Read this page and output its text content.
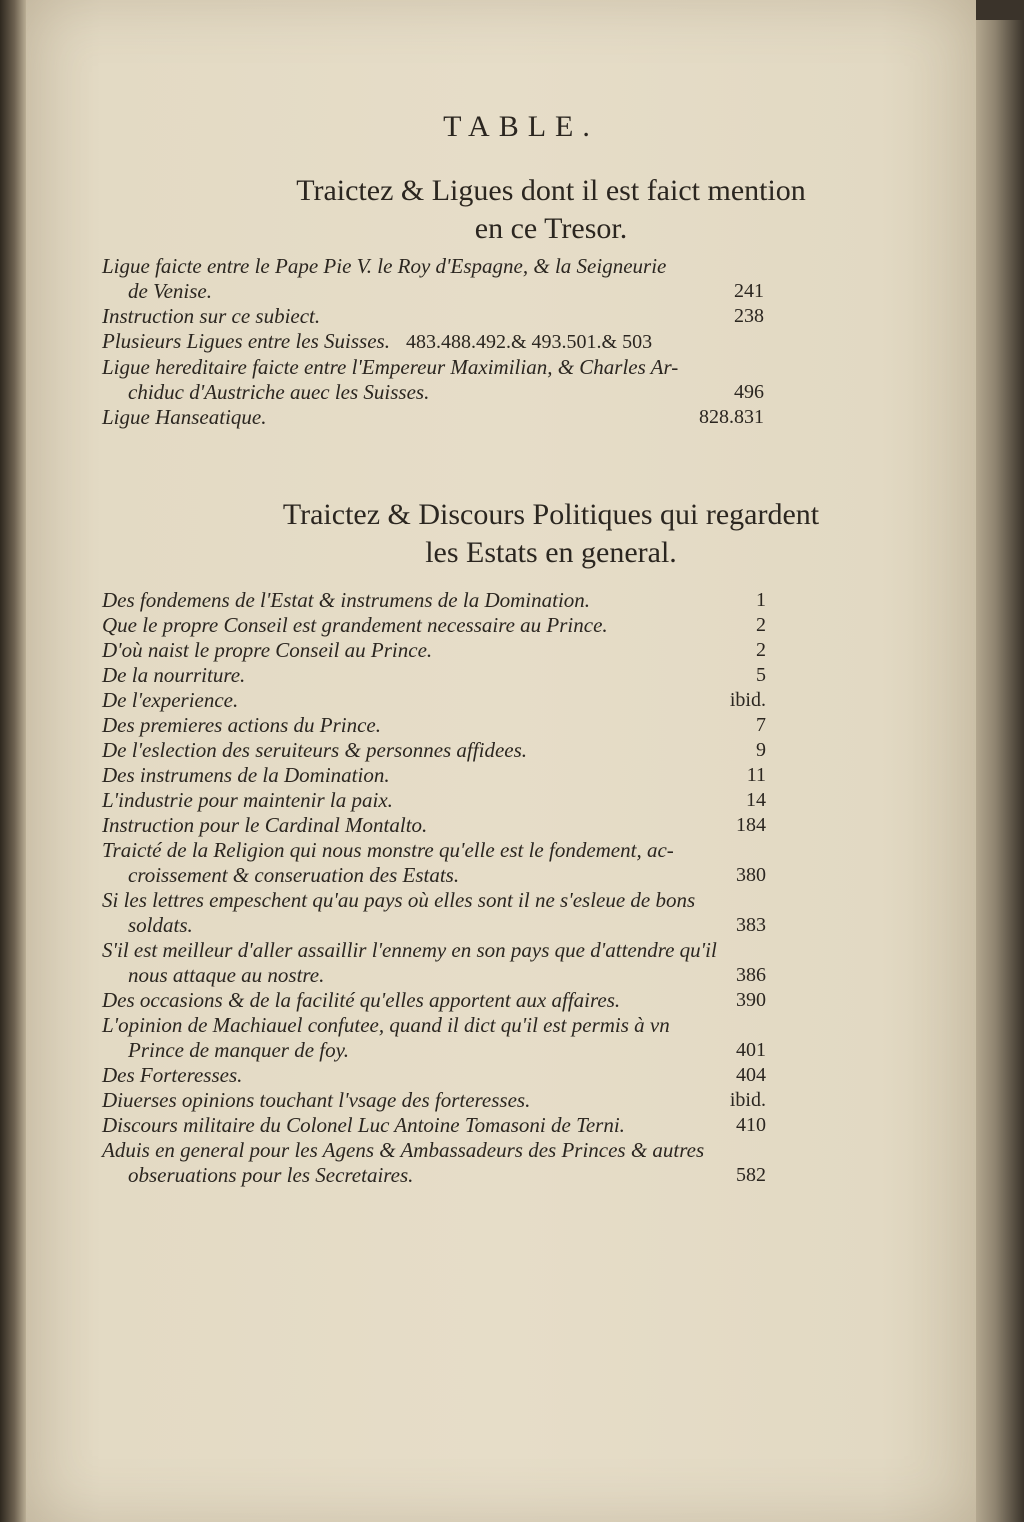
TABLE.
Traictez & Ligues dont il est faict mention
en ce Tresor.
Ligue faicte entre le Pape Pie V. le Roy d'Espagne, & la Seigneurie
de Venise.	241
Instruction sur ce subiect.	238
Plusieurs Ligues entre les Suisses. 483.488.492.& 493.501.& 503
Ligue hereditaire faicte entre l'Empereur Maximilian, & Charles Ar-
chiduc d'Austriche auec les Suisses.	496
Ligue Hanseatique.	828.831
Traictez & Discours Politiques qui regardent
les Estats en general.
Des fondemens de l'Estat & instrumens de la Domination.	1
Que le propre Conseil est grandement necessaire au Prince.	2
D'où naist le propre Conseil au Prince.	2
De la nourriture.	5
De l'experience.	ibid.
Des premieres actions du Prince.	7
De l'eslection des seruiteurs & personnes affidees.	9
Des instrumens de la Domination.	11
L'industrie pour maintenir la paix.	14
Instruction pour le Cardinal Montalto.	184
Traicté de la Religion qui nous monstre qu'elle est le fondement, ac-
croissement & conseruation des Estats.	380
Si les lettres empeschent qu'au pays où elles sont il ne s'esleue de bons
soldats.	383
S'il est meilleur d'aller assaillir l'ennemy en son pays que d'attendre qu'il
nous attaque au nostre.	386
Des occasions & de la facilité qu'elles apportent aux affaires.	390
L'opinion de Machiauel confutee, quand il dict qu'il est permis à vn
Prince de manquer de foy.	401
Des Forteresses.	404
Diuerses opinions touchant l'vsage des forteresses.	ibid.
Discours militaire du Colonel Luc Antoine Tomasoni de Terni.	410
Aduis en general pour les Agens & Ambassadeurs des Princes & autres
obseruations pour les Secretaires.	582
